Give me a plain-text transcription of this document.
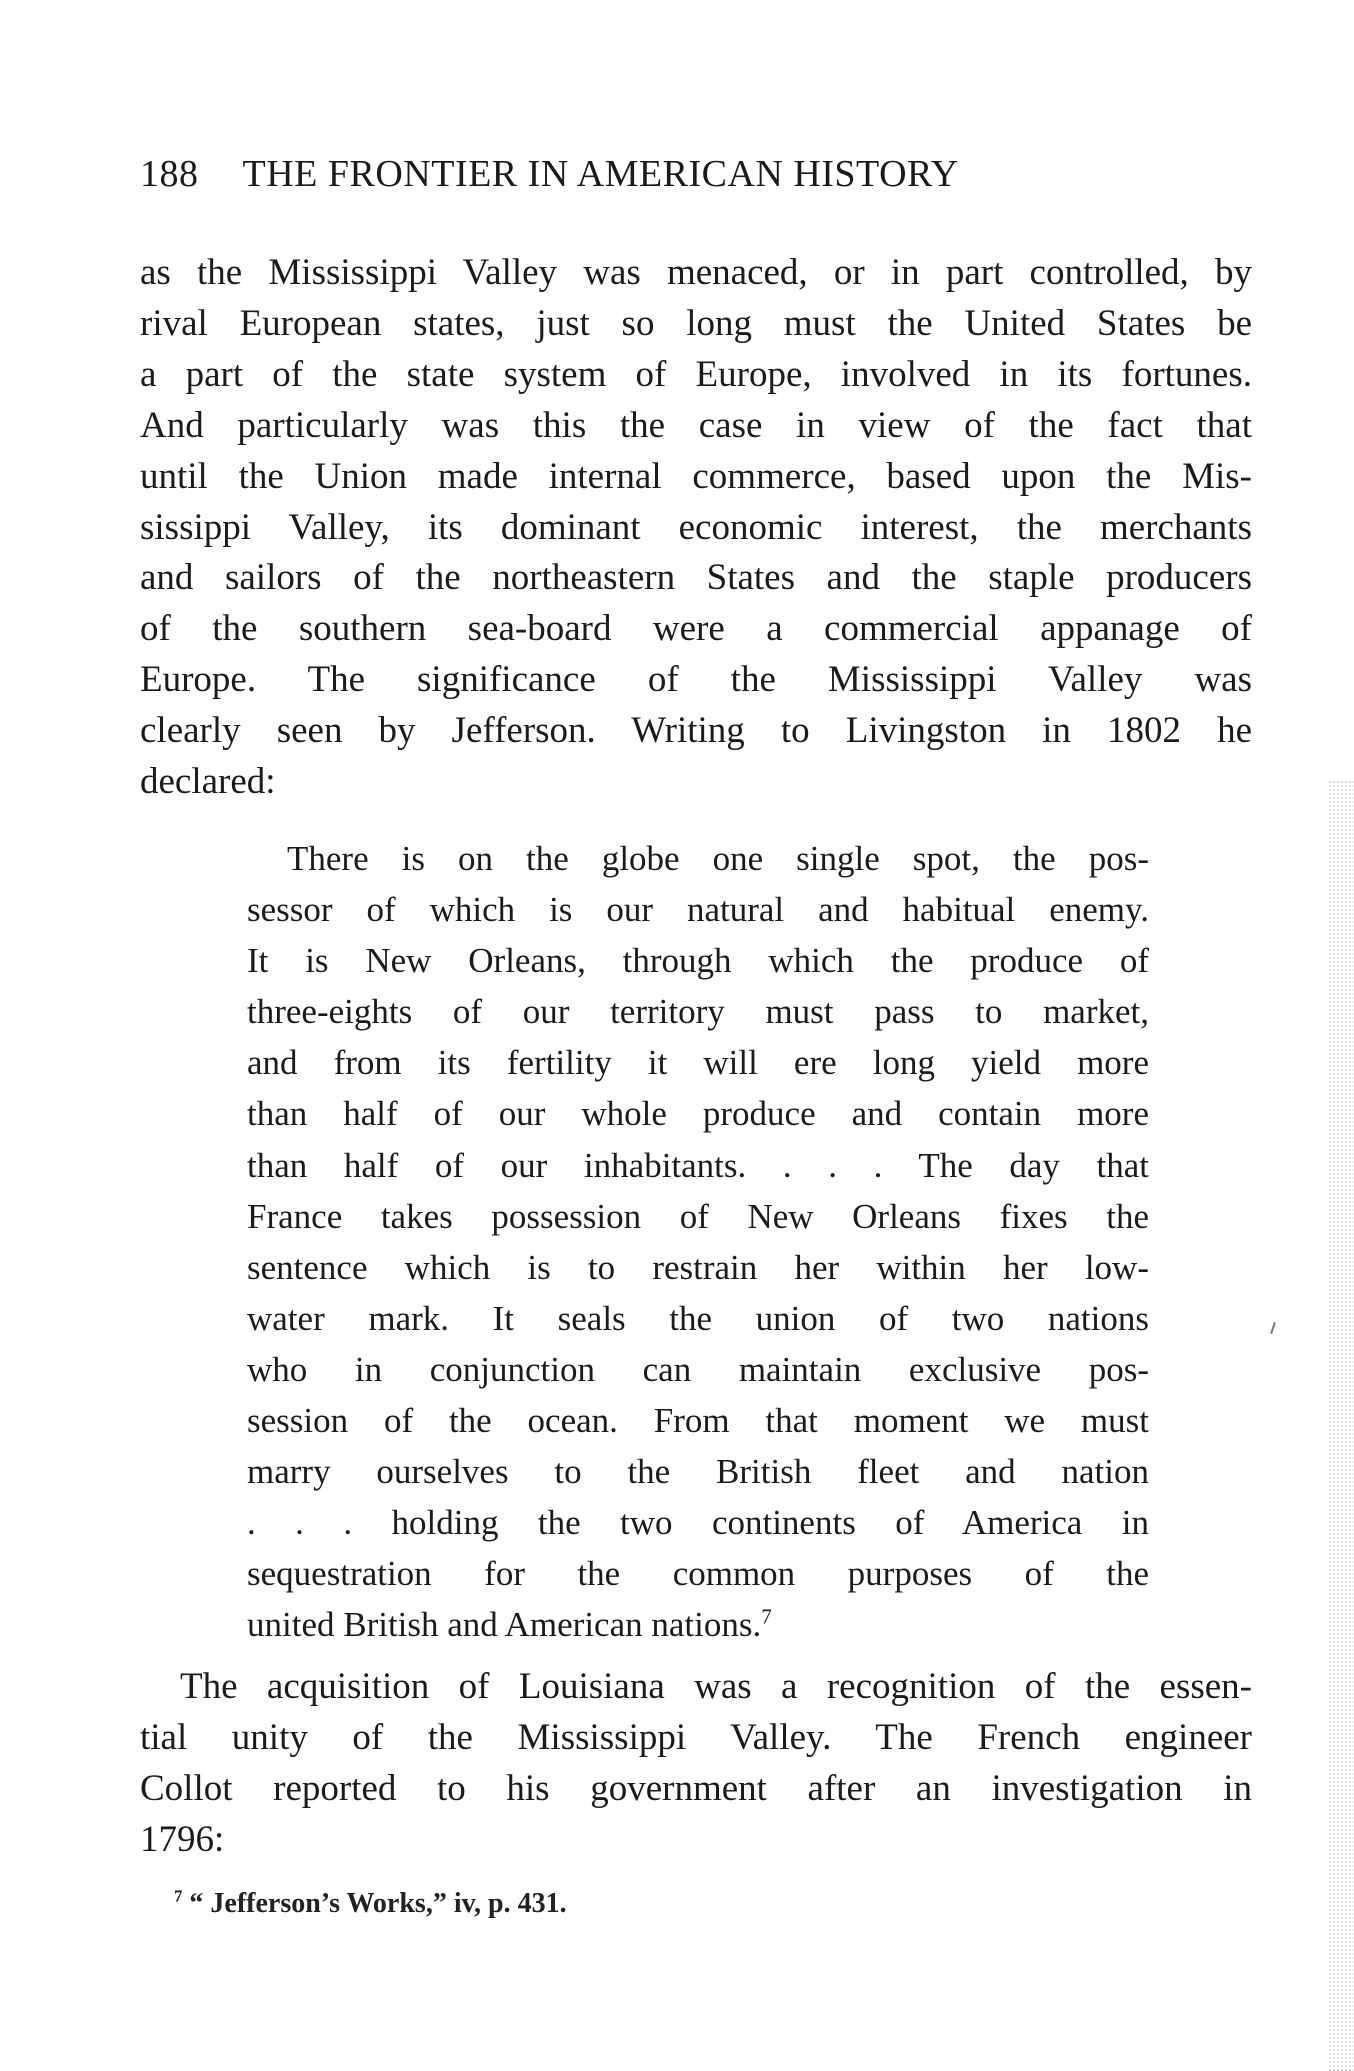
188 THE FRONTIER IN AMERICAN HISTORY
as the Mississippi Valley was menaced, or in part controlled, by
rival European states, just so long must the United States be
a part of the state system of Europe, involved in its fortunes.
And particularly was this the case in view of the fact that
until the Union made internal commerce, based upon the Mis-
sissippi Valley, its dominant economic interest, the merchants
and sailors of the northeastern States and the staple producers
of the southern sea-board were a commercial appanage of
Europe. The significance of the Mississippi Valley was
clearly seen by Jefferson. Writing to Livingston in 1802 he
declared:
There is on the globe one single spot, the pos-
sessor of which is our natural and habitual enemy.
It is New Orleans, through which the produce of
three-eights of our territory must pass to market,
and from its fertility it will ere long yield more
than half of our whole produce and contain more
than half of our inhabitants. . . . The day that
France takes possession of New Orleans fixes the
sentence which is to restrain her within her low-
water mark. It seals the union of two nations
who in conjunction can maintain exclusive pos-
session of the ocean. From that moment we must
marry ourselves to the British fleet and nation
. . . holding the two continents of America in
sequestration for the common purposes of the
united British and American nations.$^7$
The acquisition of Louisiana was a recognition of the essen-
tial unity of the Mississippi Valley. The French engineer
Collot reported to his government after an investigation in
1796:
$^7$ “ Jefferson’s Works,” iv, p. 431.
